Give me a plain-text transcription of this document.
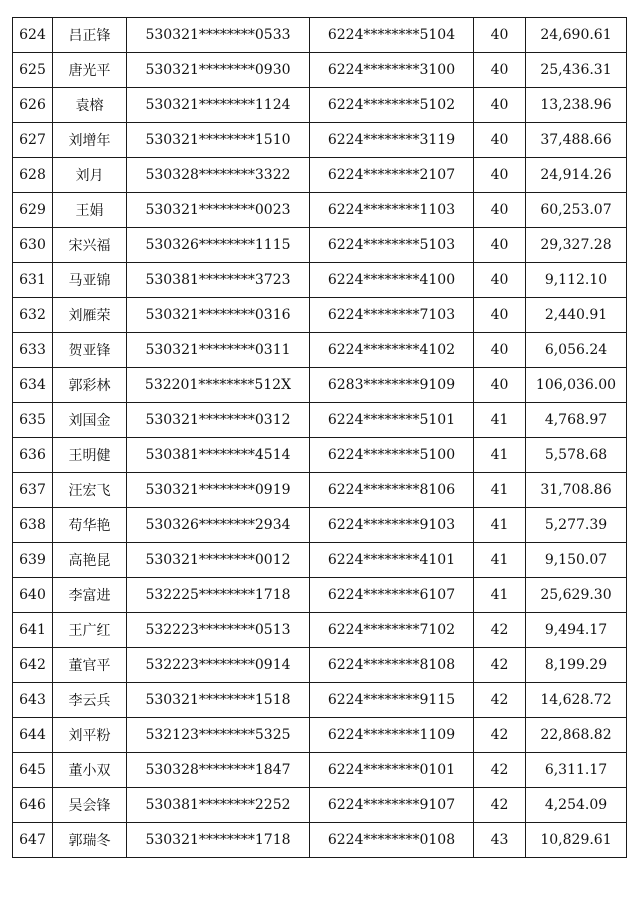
624	吕正锋	530321********0533	6224********5104	40	24,690.61
625	唐光平	530321********0930	6224********3100	40	25,436.31
626	袁榕	530321********1124	6224********5102	40	13,238.96
627	刘增年	530321********1510	6224********3119	40	37,488.66
628	刘月	530328********3322	6224********2107	40	24,914.26
629	王娟	530321********0023	6224********1103	40	60,253.07
630	宋兴福	530326********1115	6224********5103	40	29,327.28
631	马亚锦	530381********3723	6224********4100	40	9,112.10
632	刘雁荣	530321********0316	6224********7103	40	2,440.91
633	贺亚锋	530321********0311	6224********4102	40	6,056.24
634	郭彩林	532201********512X	6283********9109	40	106,036.00
635	刘国金	530321********0312	6224********5101	41	4,768.97
636	王明健	530381********4514	6224********5100	41	5,578.68
637	汪宏飞	530321********0919	6224********8106	41	31,708.86
638	苟华艳	530326********2934	6224********9103	41	5,277.39
639	高艳昆	530321********0012	6224********4101	41	9,150.07
640	李富进	532225********1718	6224********6107	41	25,629.30
641	王广红	532223********0513	6224********7102	42	9,494.17
642	董官平	532223********0914	6224********8108	42	8,199.29
643	李云兵	530321********1518	6224********9115	42	14,628.72
644	刘平粉	532123********5325	6224********1109	42	22,868.82
645	董小双	530328********1847	6224********0101	42	6,311.17
646	吴会锋	530381********2252	6224********9107	42	4,254.09
647	郭瑞冬	530321********1718	6224********0108	43	10,829.61
